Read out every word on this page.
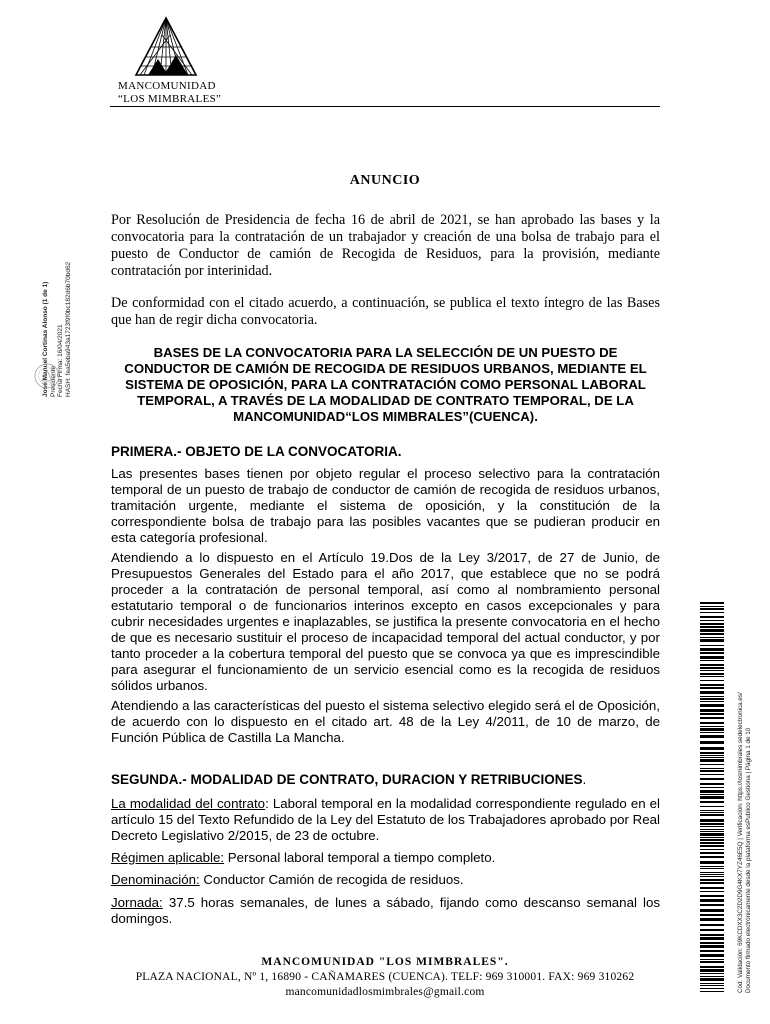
MANCOMUNIDAD
“LOS MIMBRALES”
José Manuel Cortinas Alonso (1 de 1) Presidente Fecha Firma: 16/04/2021 HASH: fea5eba943a1723f9f0bc182d6b70bd62
ANUNCIO
Por Resolución de Presidencia de fecha 16 de abril de 2021, se han aprobado las bases y la convocatoria para la contratación de un trabajador y creación de una bolsa de trabajo para el puesto de Conductor de camión de Recogida de Residuos, para la provisión, mediante contratación por interinidad.
De conformidad con el citado acuerdo, a continuación, se publica el texto íntegro de las Bases que han de regir dicha convocatoria.
BASES DE LA CONVOCATORIA PARA LA SELECCIÓN DE UN PUESTO DE CONDUCTOR DE CAMIÓN DE RECOGIDA DE RESIDUOS URBANOS, MEDIANTE EL SISTEMA DE OPOSICIÓN, PARA LA CONTRATACIÓN COMO PERSONAL LABORAL TEMPORAL, A TRAVÉS DE LA MODALIDAD DE CONTRATO TEMPORAL, DE LA MANCOMUNIDAD“LOS MIMBRALES”(CUENCA).
PRIMERA.- OBJETO DE LA CONVOCATORIA.
Las presentes bases tienen por objeto regular el proceso selectivo para la contratación temporal de un puesto de trabajo de conductor de camión de recogida de residuos urbanos, tramitación urgente, mediante el sistema de oposición, y la constitución de la correspondiente bolsa de trabajo para las posibles vacantes que se pudieran producir en esta categoría profesional.
Atendiendo a lo dispuesto en el Artículo 19.Dos de la Ley 3/2017, de 27 de Junio, de Presupuestos Generales del Estado para el año 2017, que establece que no se podrá proceder a la contratación de personal temporal, así como al nombramiento personal estatutario temporal o de funcionarios interinos excepto en casos excepcionales y para cubrir necesidades urgentes e inaplazables, se justifica la presente convocatoria en el hecho de que es necesario sustituir el proceso de incapacidad temporal del actual conductor, y por tanto proceder a la cobertura temporal del puesto que se convoca ya que es imprescindible para asegurar el funcionamiento de un servicio esencial como es la recogida de residuos sólidos urbanos.
Atendiendo a las características del puesto el sistema selectivo elegido será el de Oposición, de acuerdo con lo dispuesto en el citado art. 48 de la Ley 4/2011, de 10 de marzo, de Función Pública de Castilla La Mancha.
SEGUNDA.- MODALIDAD DE CONTRATO, DURACION Y RETRIBUCIONES.
La modalidad del contrato: Laboral temporal en la modalidad correspondiente regulado en el artículo 15 del Texto Refundido de la Ley del Estatuto de los Trabajadores aprobado por Real Decreto Legislativo 2/2015, de 23 de octubre.
Régimen aplicable: Personal laboral temporal a tiempo completo.
Denominación: Conductor Camión de recogida de residuos.
Jornada: 37.5 horas semanales, de lunes a sábado, fijando como descanso semanal los domingos.
MANCOMUNIDAD "LOS MIMBRALES".
PLAZA NACIONAL, Nº 1, 16890 - CAÑAMARES (CUENCA). TELF: 969 310001. FAX: 969 310262
mancomunidadlosmimbrales@gmail.com	Cód. Validación: 69KCDXX3C2D2D9G4KX7YZ46E5Q | Verificación: https://losmimbrales.sedelectronica.es/ Documento firmado electrónicamente desde la plataforma esPublico Gestiona | Página 1 de 10
